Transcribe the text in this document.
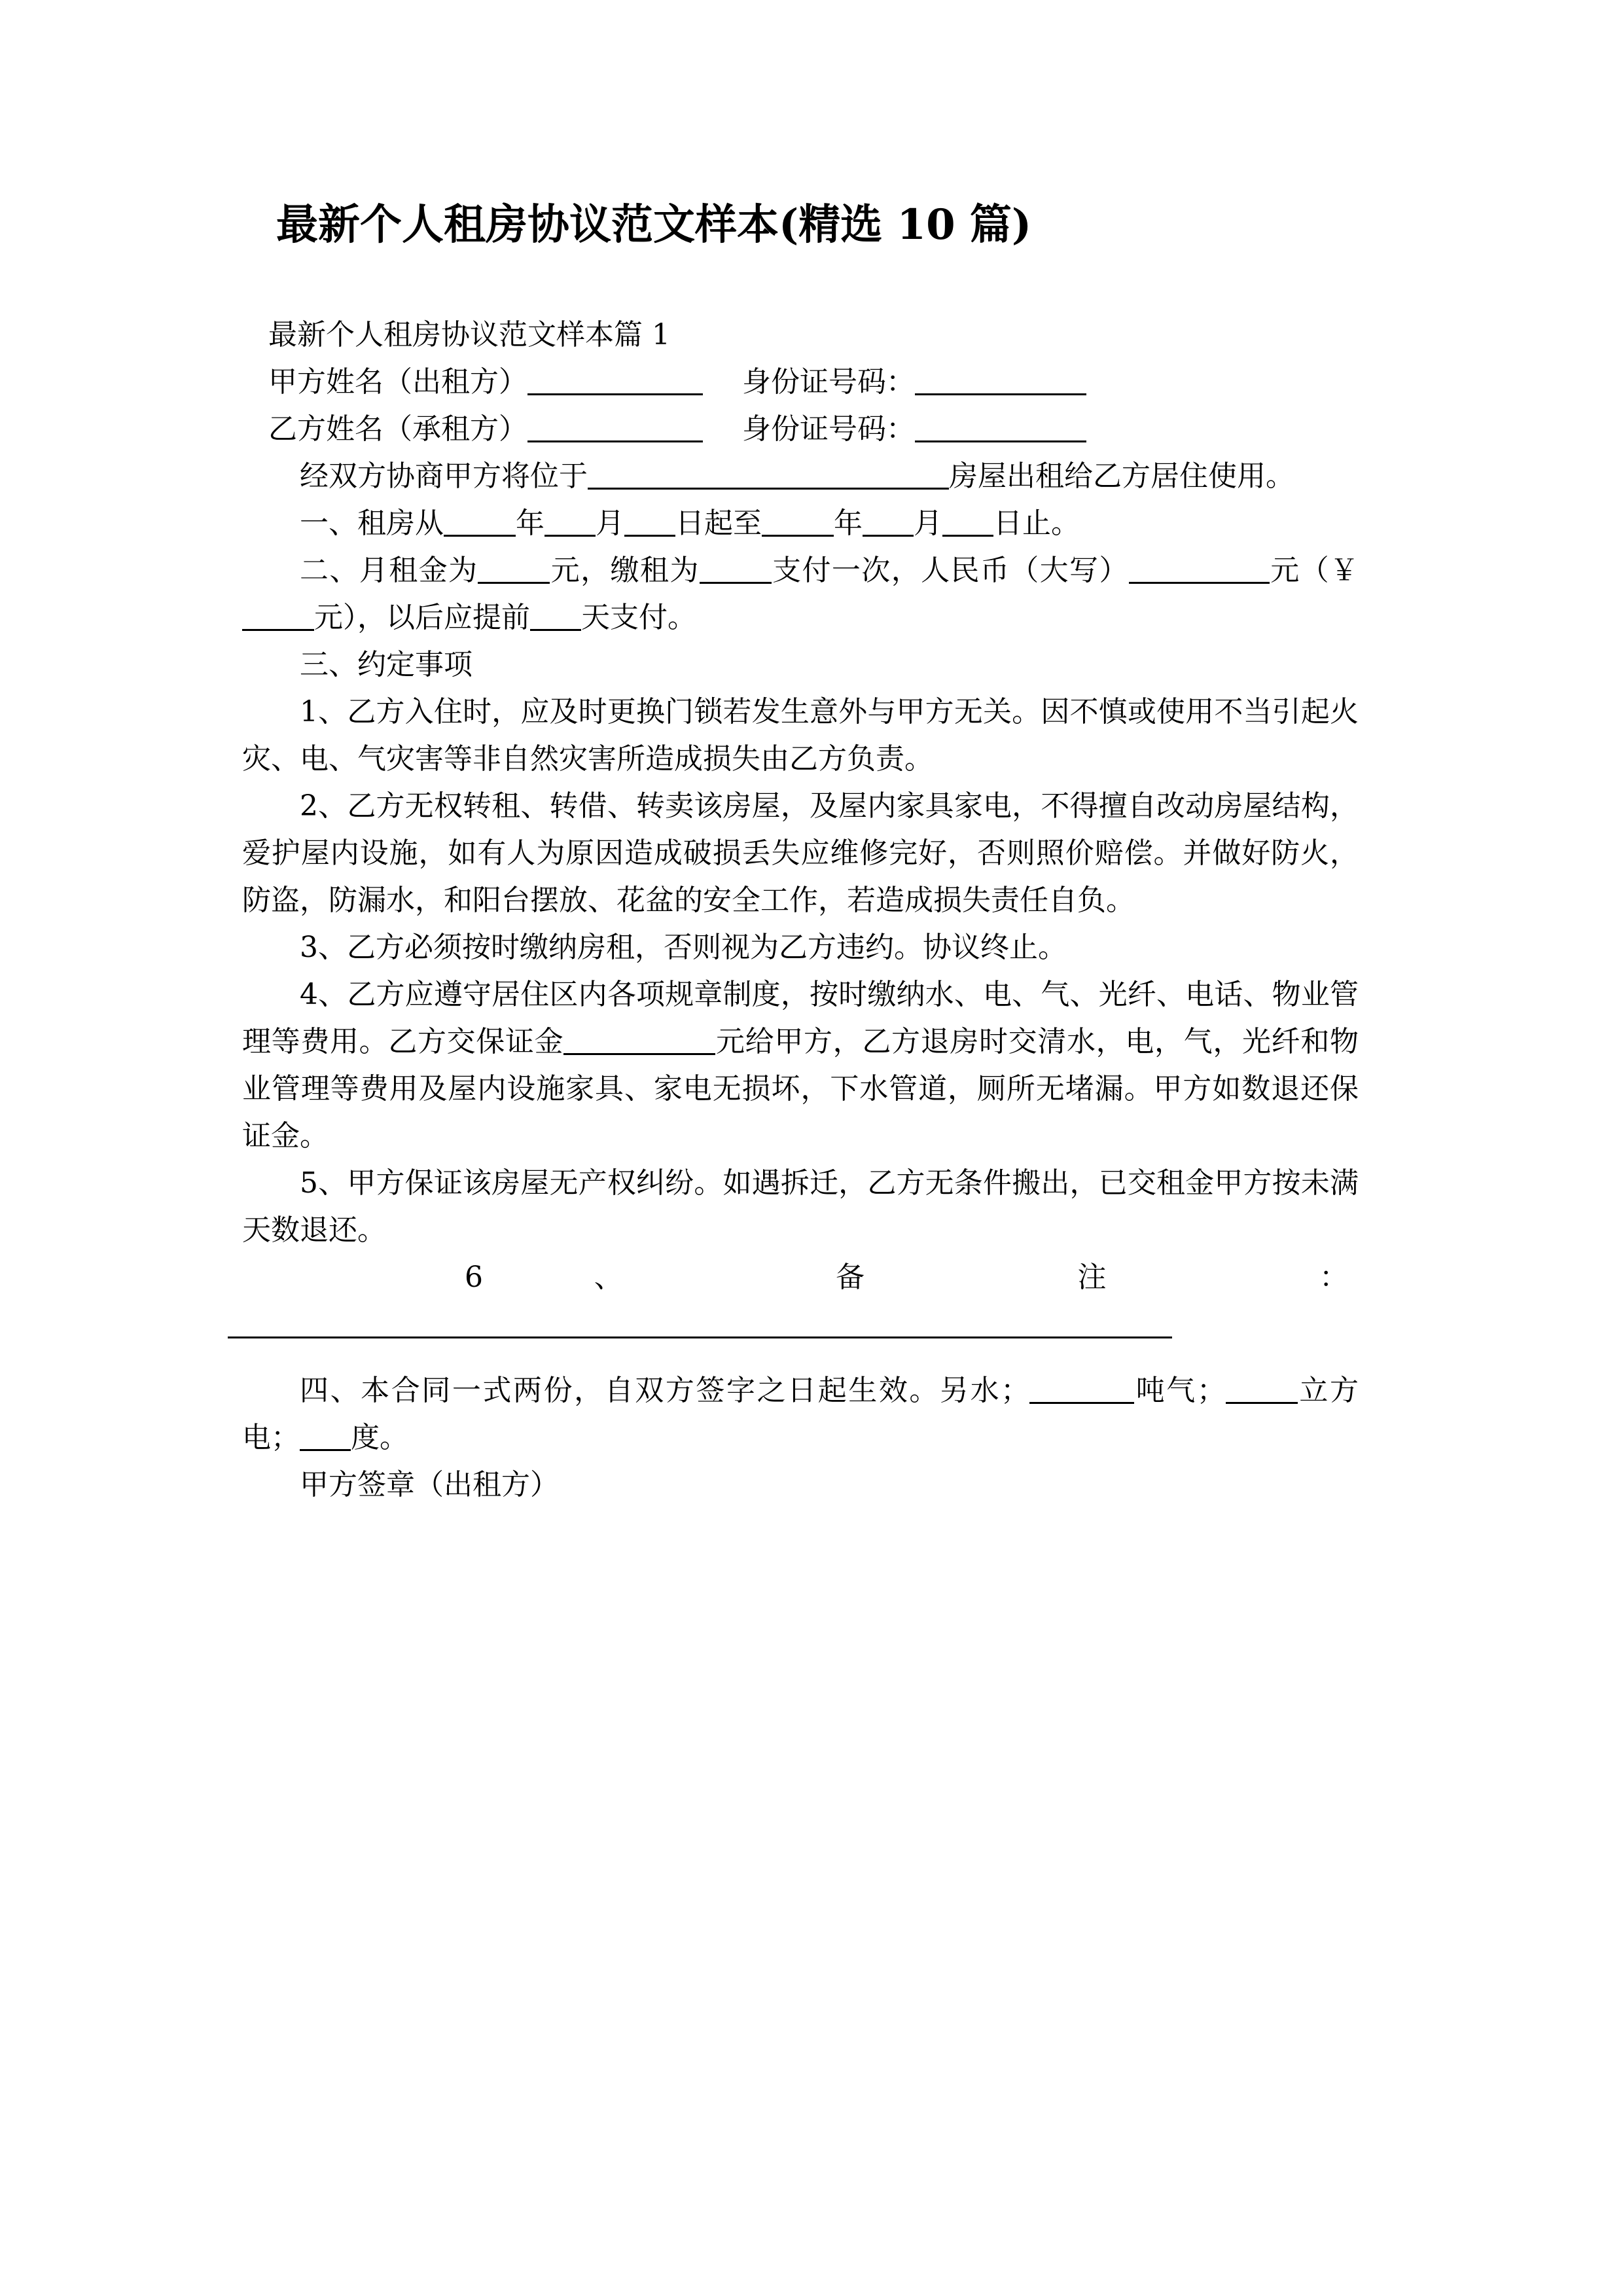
最新个人租房协议范文样本(精选 10 篇)

最新个人租房协议范文样本篇 1

甲方姓名（出租方）	身份证号码：

乙方姓名（承租方）	身份证号码：

经双方协商甲方将位于	房屋出租给乙方居住使用。

一、租房从	年 月 日起至	年 月 日止。

二、月租金为	元，缴租为	支付一次，人民币（大写）	元（￥元），以后应提前 天支付。

三、约定事项

1、乙方入住时，应及时更换门锁若发生意外与甲方无关。因不慎或使用不当引起火灾、电、气灾害等非自然灾害所造成损失由乙方负责。

2、乙方无权转租、转借、转卖该房屋，及屋内家具家电，不得擅自改动房屋结构，爱护屋内设施，如有人为原因造成破损丢失应维修完好，否则照价赔偿。并做好防火，防盗，防漏水，和阳台摆放、花盆的安全工作，若造成损失责任自负。

3、乙方必须按时缴纳房租，否则视为乙方违约。协议终止。

4、乙方应遵守居住区内各项规章制度，按时缴纳水、电、气、光纤、电话、物业管理等费用。乙方交保证金	元给甲方，乙方退房时交清水，电，气，光纤和物业管理等费用及屋内设施家具、家电无损坏，下水管道，厕所无堵漏。甲方如数退还保证金。

5、甲方保证该房屋无产权纠纷。如遇拆迁，乙方无条件搬出，已交租金甲方按未满天数退还。

6	、	备	注	：

四、本合同一式两份，自双方签字之日起生效。另水；	吨气；	立方电； 度。

甲方签章（出租方）
